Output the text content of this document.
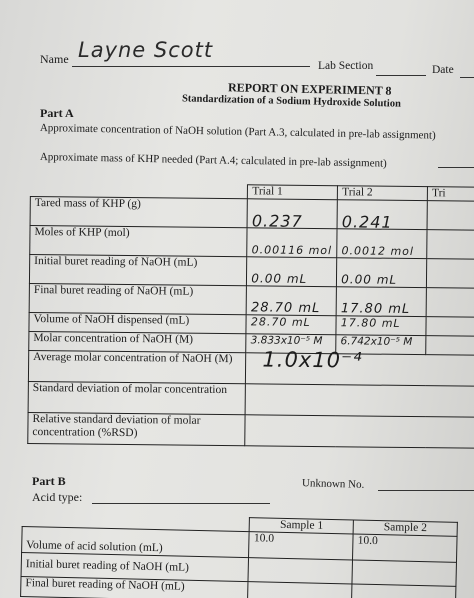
Name Layne Scott
Lab Section	Date
REPORT ON EXPERIMENT 8
Standardization of a Sodium Hydroxide Solution
Part A
Approximate concentration of NaOH solution (Part A.3, calculated in pre-lab assignment)
Approximate mass of KHP needed (Part A.4; calculated in pre-lab assignment)
	Trial 1	Trial 2	Tri
Tared mass of KHP (g)	0.237	0.241	
Moles of KHP (mol)	0.00116 mol	0.0012 mol	
Initial buret reading of NaOH (mL)	0.00 mL	0.00 mL	
Final buret reading of NaOH (mL)	28.70 mL	17.80 mL	
Volume of NaOH dispensed (mL)	28.70 mL	17.80 mL	
Molar concentration of NaOH (M)	3.833x10⁻⁵ M	6.742x10⁻⁵ M	
Average molar concentration of NaOH (M)	1.0x10⁻⁴		
Standard deviation of molar concentration			
Relative standard deviation of molar concentration (%RSD)			
Part B
Acid type:
Unknown No.
	Sample 1	Sample 2	
Volume of acid solution (mL)	10.0	10.0	
Initial buret reading of NaOH (mL)			
Final buret reading of NaOH (mL)			
